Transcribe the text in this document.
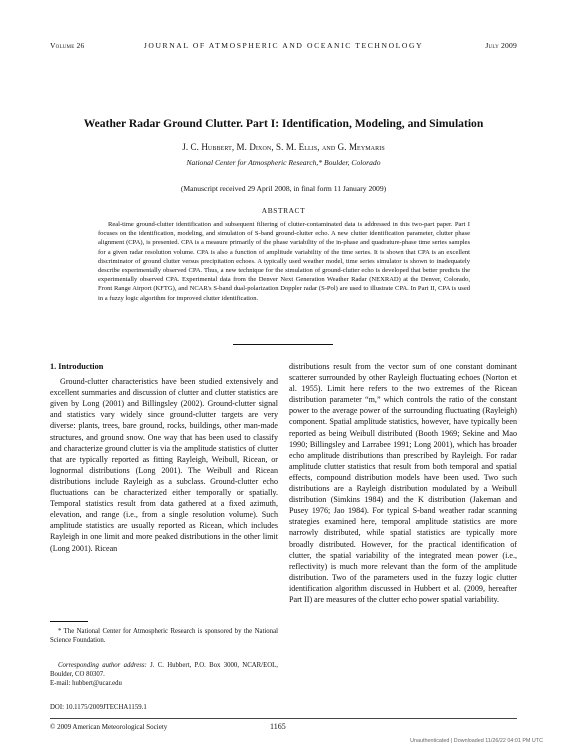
Volume 26	JOURNAL OF ATMOSPHERIC AND OCEANIC TECHNOLOGY	July 2009
Weather Radar Ground Clutter. Part I: Identification, Modeling, and Simulation
J. C. Hubbert, M. Dixon, S. M. Ellis, and G. Meymaris
National Center for Atmospheric Research,* Boulder, Colorado
(Manuscript received 29 April 2008, in final form 11 January 2009)
ABSTRACT
Real-time ground-clutter identification and subsequent filtering of clutter-contaminated data is addressed in this two-part paper. Part I focuses on the identification, modeling, and simulation of S-band ground-clutter echo. A new clutter identification parameter, clutter phase alignment (CPA), is presented. CPA is a measure primarily of the phase variability of the in-phase and quadrature-phase time series samples for a given radar resolution volume. CPA is also a function of amplitude variability of the time series. It is shown that CPA is an excellent discriminator of ground clutter versus precipitation echoes. A typically used weather model, time series simulator is shown to inadequately describe experimentally observed CPA. Thus, a new technique for the simulation of ground-clutter echo is developed that better predicts the experimentally observed CPA. Experimental data from the Denver Next Generation Weather Radar (NEXRAD) at the Denver, Colorado, Front Range Airport (KFTG), and NCAR's S-band dual-polarization Doppler radar (S-Pol) are used to illustrate CPA. In Part II, CPA is used in a fuzzy logic algorithm for improved clutter identification.
1. Introduction

Ground-clutter characteristics have been studied extensively and excellent summaries and discussion of clutter and clutter statistics are given by Long (2001) and Billingsley (2002). Ground-clutter signal and statistics vary widely since ground-clutter targets are very diverse: plants, trees, bare ground, rocks, buildings, other man-made structures, and ground snow. One way that has been used to classify and characterize ground clutter is via the amplitude statistics of clutter that are typically reported as fitting Rayleigh, Weibull, Ricean, or lognormal distributions (Long 2001). The Weibull and Ricean distributions include Rayleigh as a subclass. Ground-clutter echo fluctuations can be characterized either temporally or spatially. Temporal statistics result from data gathered at a fixed azimuth, elevation, and range (i.e., from a single resolution volume). Such amplitude statistics are usually reported as Ricean, which includes Rayleigh in one limit and more peaked distributions in the other limit (Long 2001). Ricean

distributions result from the vector sum of one constant dominant scatterer surrounded by other Rayleigh fluctuating echoes (Norton et al. 1955). Limit here refers to the two extremes of the Ricean distribution parameter “m,” which controls the ratio of the constant power to the average power of the surrounding fluctuating (Rayleigh) component. Spatial amplitude statistics, however, have typically been reported as being Weibull distributed (Booth 1969; Sekine and Mao 1990; Billingsley and Larrabee 1991; Long 2001), which has broader echo amplitude distributions than prescribed by Rayleigh. For radar amplitude clutter statistics that result from both temporal and spatial effects, compound distribution models have been used. Two such distributions are a Rayleigh distribution modulated by a Weibull distribution (Simkins 1984) and the K distribution (Jakeman and Pusey 1976; Jao 1984). For typical S-band weather radar scanning strategies examined here, temporal amplitude statistics are more narrowly distributed, while spatial statistics are typically more broadly distributed. However, for the practical identification of clutter, the spatial variability of the integrated mean power (i.e., reflectivity) is much more relevant than the form of the amplitude distribution. Two of the parameters used in the fuzzy logic clutter identification algorithm discussed in Hubbert et al. (2009, hereafter Part II) are measures of the clutter echo power spatial variability.

* The National Center for Atmospheric Research is sponsored by the National Science Foundation.
Corresponding author address: J. C. Hubbert, P.O. Box 3000, NCAR/EOL, Boulder, CO 80307.
E-mail: hubbert@ucar.edu
DOI: 10.1175/2009JTECHA1159.1
© 2009 American Meteorological Society	1165
Unauthenticated | Downloaded 11/26/22 04:01 PM UTC
